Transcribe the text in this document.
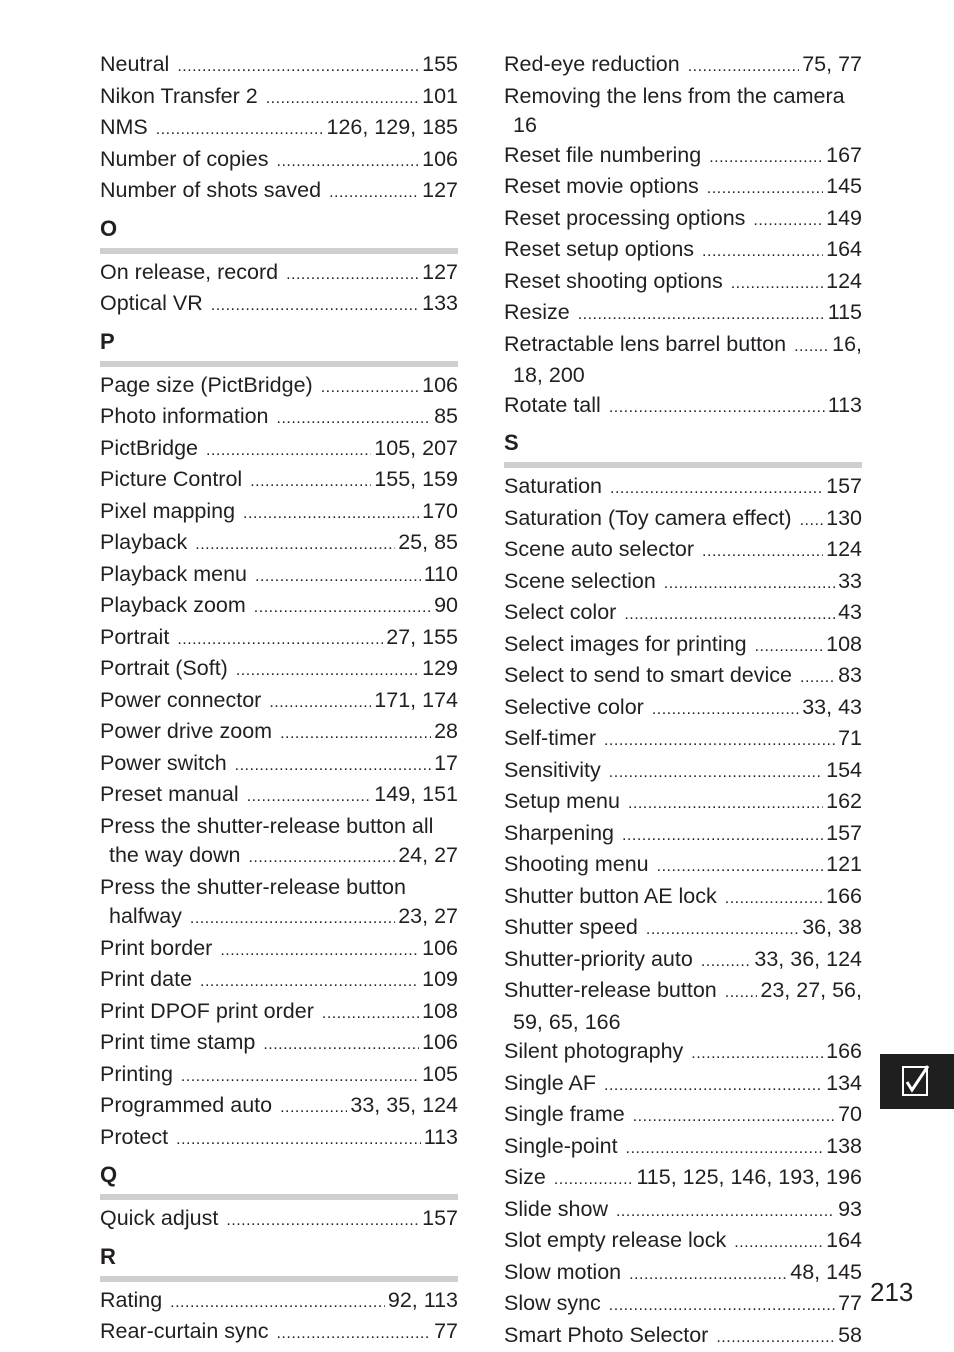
Neutral .....	155
Nikon Transfer 2 .....	101
NMS .....	126, 129, 185
Number of copies .....	106
Number of shots saved .....	127
O
On release, record .....	127
Optical VR .....	133
P
Page size (PictBridge) .....	106
Photo information .....	85
PictBridge .....	105, 207
Picture Control .....	155, 159
Pixel mapping .....	170
Playback .....	25, 85
Playback menu .....	110
Playback zoom .....	90
Portrait .....	27, 155
Portrait (Soft) .....	129
Power connector .....	171, 174
Power drive zoom .....	28
Power switch .....	17
Preset manual .....	149, 151
Press the shutter-release button all
the way down .....	24, 27
Press the shutter-release button
halfway .....	23, 27
Print border .....	106
Print date .....	109
Print DPOF print order .....	108
Print time stamp .....	106
Printing .....	105
Programmed auto .....	33, 35, 124
Protect .....	113
Q
Quick adjust .....	157
R
Rating .....	92, 113
Rear-curtain sync .....	77
Red-eye reduction .....	75, 77
Removing the lens from the camera
16
Reset file numbering .....	167
Reset movie options .....	145
Reset processing options .....	149
Reset setup options .....	164
Reset shooting options .....	124
Resize .....	115
Retractable lens barrel button ..... 16,
18, 200
Rotate tall .....	113
S
Saturation .....	157
Saturation (Toy camera effect) ..... 130
Scene auto selector .....	124
Scene selection .....	33
Select color .....	43
Select images for printing .....	108
Select to send to smart device ..... 83
Selective color .....	33, 43
Self-timer .....	71
Sensitivity .....	154
Setup menu .....	162
Sharpening .....	157
Shooting menu .....	121
Shutter button AE lock .....	166
Shutter speed .....	36, 38
Shutter-priority auto .....	33, 36, 124
Shutter-release button ..... 23, 27, 56,
59, 65, 166
Silent photography .....	166
Single AF .....	134
Single frame .....	70
Single-point .....	138
Size .....	115, 125, 146, 193, 196
Slide show .....	93
Slot empty release lock .....	164
Slow motion .....	48, 145
Slow sync .....	77
Smart Photo Selector .....	58
213
